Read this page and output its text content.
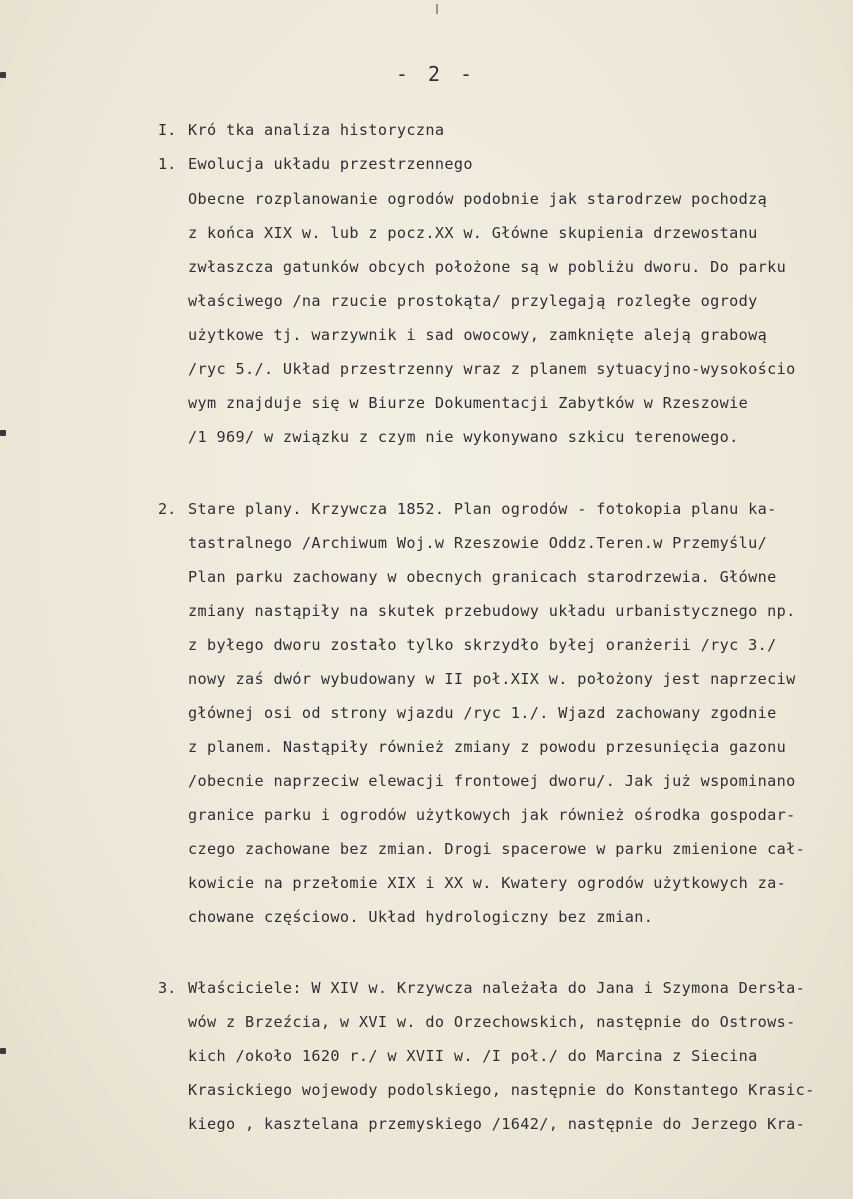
- 2 -
I. Kró tka analiza historyczna
1. Ewolucja układu przestrzennego
Obecne rozplanowanie ogrodów podobnie jak starodrzew pochodzą
z końca XIX w. lub z pocz.XX w. Główne skupienia drzewostanu
zwłaszcza gatunków obcych położone są w pobliżu dworu. Do parku
właściwego /na rzucie prostokąta/ przylegają rozległe ogrody
użytkowe tj. warzywnik i sad owocowy, zamknięte aleją grabową
/ryc 5./. Układ przestrzenny wraz z planem sytuacyjno-wysokościo
wym znajduje się w Biurze Dokumentacji Zabytków w Rzeszowie
/1 969/ w związku z czym nie wykonywano szkicu terenowego.
2. Stare plany. Krzywcza 1852. Plan ogrodów - fotokopia planu ka-
tastralnego /Archiwum Woj.w Rzeszowie Oddz.Teren.w Przemyślu/
Plan parku zachowany w obecnych granicach starodrzewia. Główne
zmiany nastąpiły na skutek przebudowy układu urbanistycznego np.
z byłego dworu zostało tylko skrzydło byłej oranżerii /ryc 3./
nowy zaś dwór wybudowany w II poł.XIX w. położony jest naprzeciw
głównej osi od strony wjazdu /ryc 1./. Wjazd zachowany zgodnie
z planem. Nastąpiły również zmiany z powodu przesunięcia gazonu
/obecnie naprzeciw elewacji frontowej dworu/. Jak już wspominano
granice parku i ogrodów użytkowych jak również ośrodka gospodar-
czego zachowane bez zmian. Drogi spacerowe w parku zmienione cał-
kowicie na przełomie XIX i XX w. Kwatery ogrodów użytkowych za-
chowane częściowo. Układ hydrologiczny bez zmian.
3. Właściciele: W XIV w. Krzywcza należała do Jana i Szymona Dersła-
wów z Brzeźcia, w XVI w. do Orzechowskich, następnie do Ostrows-
kich /około 1620 r./ w XVII w. /I poł./ do Marcina z Siecina
Krasickiego wojewody podolskiego, następnie do Konstantego Krasic-
kiego , kasztelana przemyskiego /1642/, następnie do Jerzego Kra-
